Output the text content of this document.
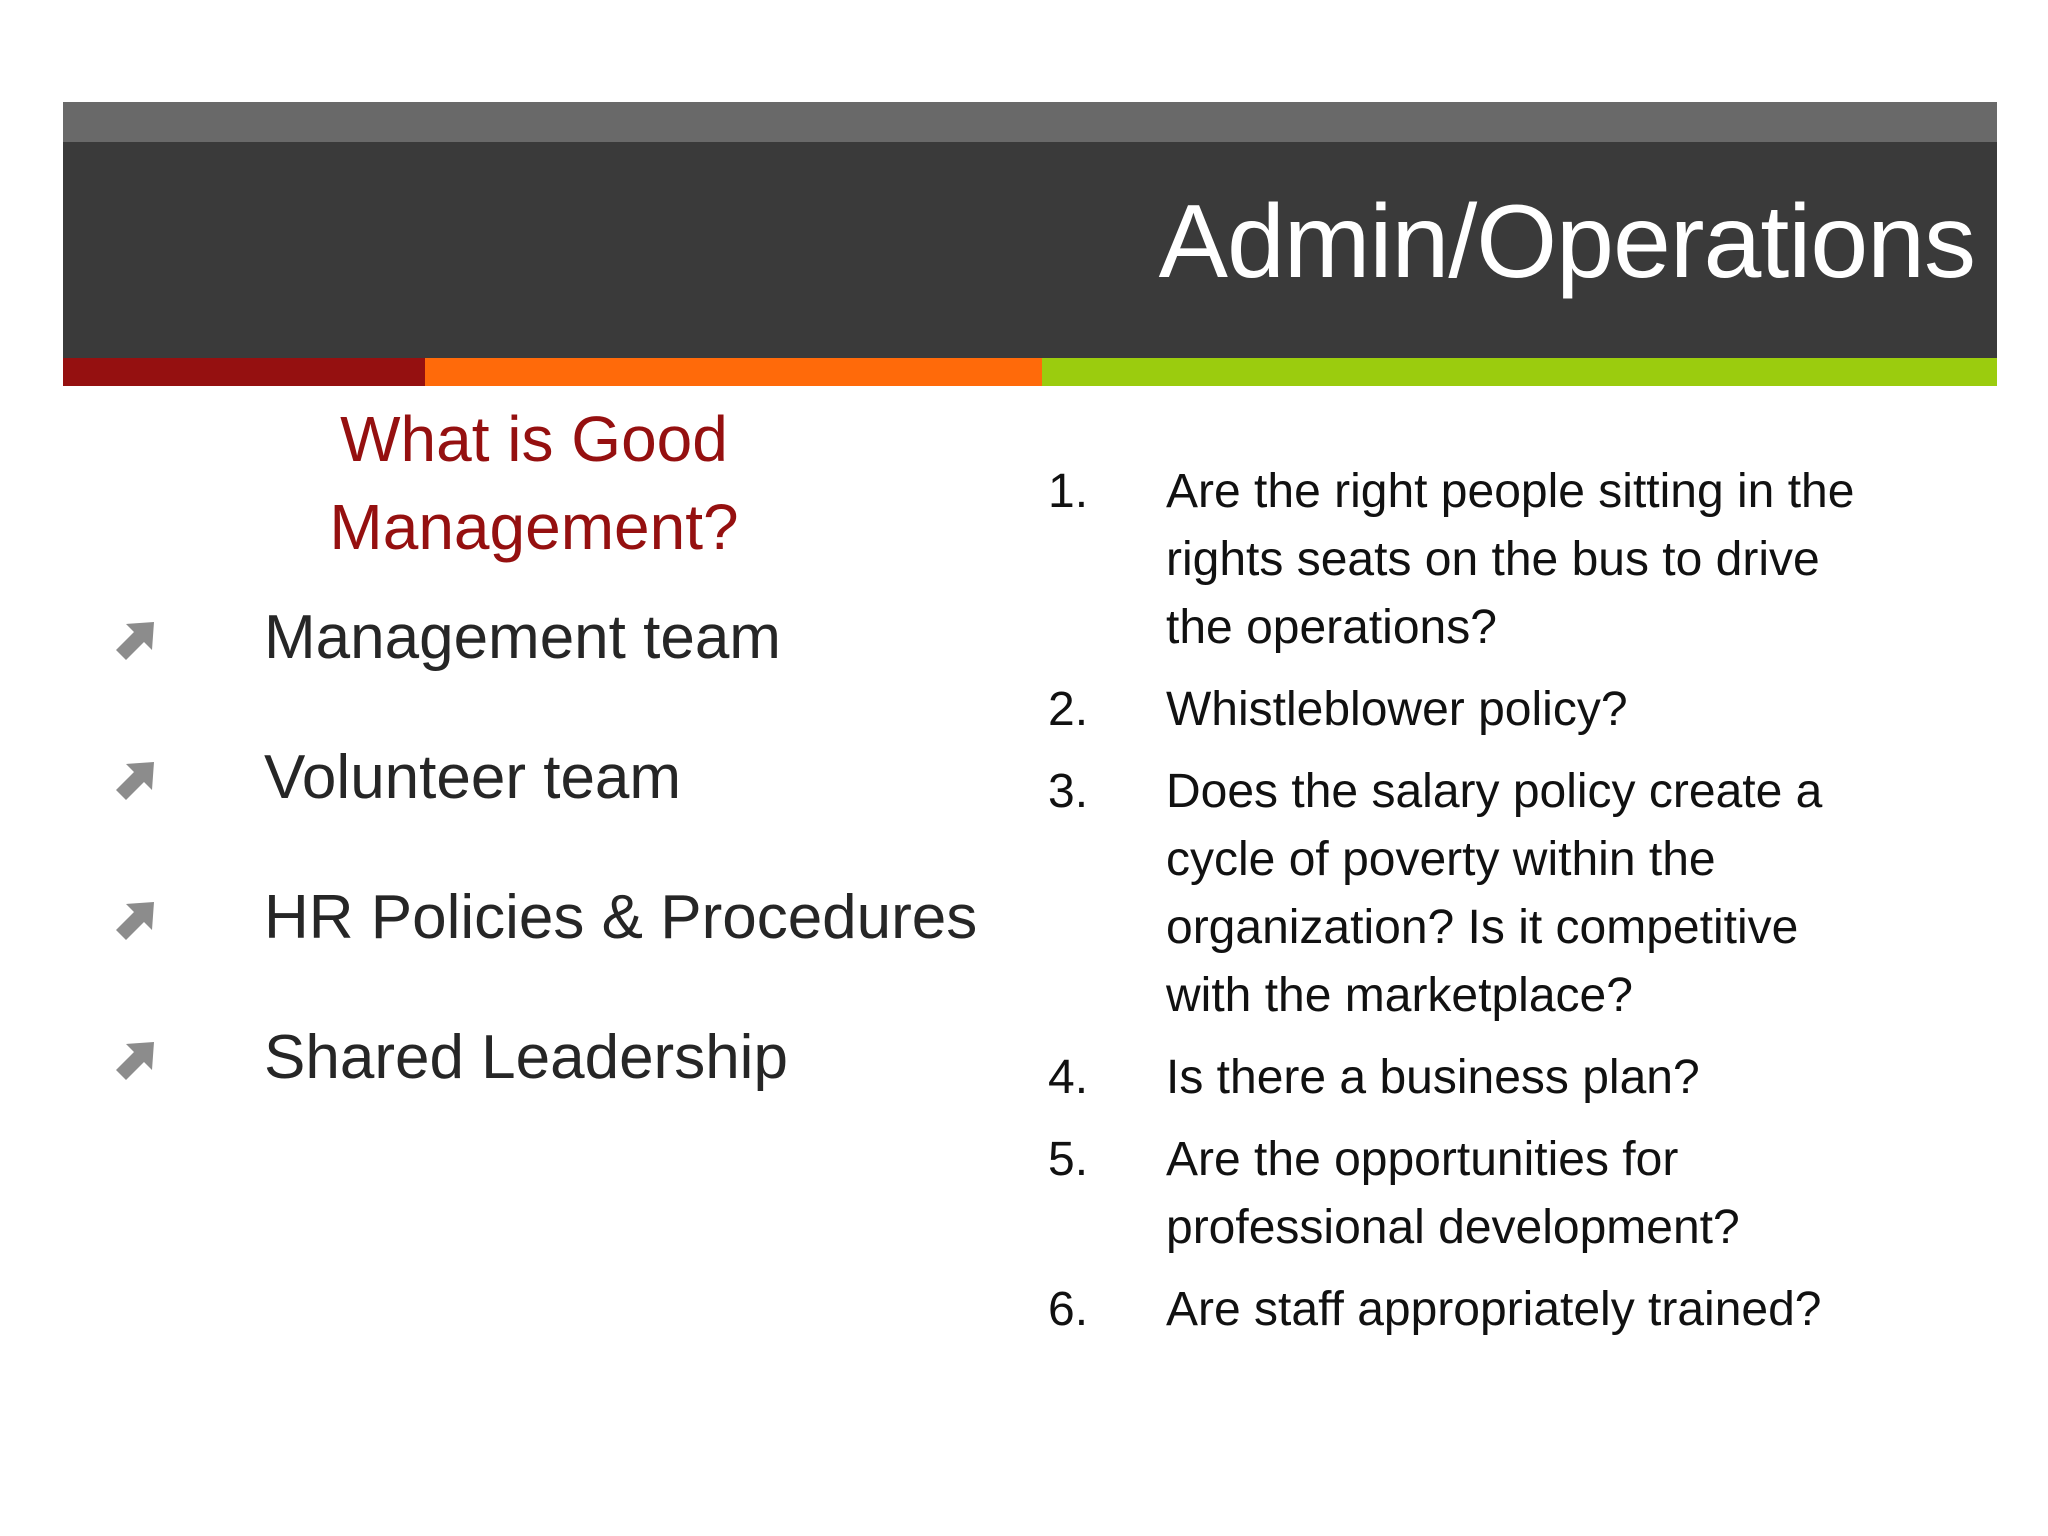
Admin/Operations
What is Good
Management?
Management team
Volunteer team
HR Policies & Procedures
Shared Leadership
1.	Are the right people sitting in the rights seats on the bus to drive the operations?
2.	Whistleblower policy?
3.	Does the salary policy create a cycle of poverty within the organization? Is it competitive with the marketplace?
4.	Is there a business plan?
5.	Are the opportunities for professional development?
6.	Are staff appropriately trained?
